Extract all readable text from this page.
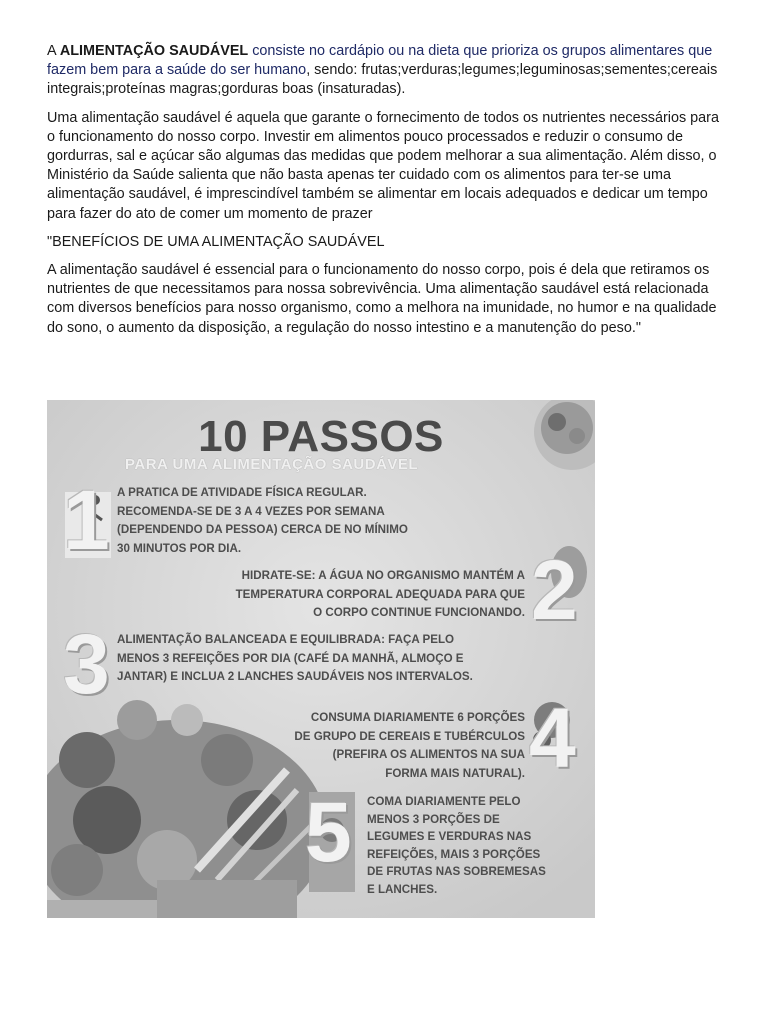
A ALIMENTAÇÃO SAUDÁVEL consiste no cardápio ou na dieta que prioriza os grupos alimentares que fazem bem para a saúde do ser humano, sendo: frutas;verduras;legumes;leguminosas;sementes;cereais integrais;proteínas magras;gorduras boas (insaturadas).

Uma alimentação saudável é aquela que garante o fornecimento de todos os nutrientes necessários para o funcionamento do nosso corpo. Investir em alimentos pouco processados e reduzir o consumo de gordurras, sal e açúcar são algumas das medidas que podem melhorar a sua alimentação. Além disso, o Ministério da Saúde salienta que não basta apenas ter cuidado com os alimentos para ter-se uma alimentação saudável, é imprescindível também se alimentar em locais adequados e dedicar um tempo para fazer do ato de comer um momento de prazer

"BENEFÍCIOS DE UMA ALIMENTAÇÃO SAUDÁVEL

A alimentação saudável é essencial para o funcionamento do nosso corpo, pois é dela que retiramos os nutrientes de que necessitamos para nossa sobrevivência. Uma alimentação saudável está relacionada com diversos benefícios para nosso organismo, como a melhora na imunidade, no humor e na qualidade do sono, o aumento da disposição, a regulação do nosso intestino e a manutenção do peso."

10 PASSOS
PARA UMA ALIMENTAÇÃO SAUDÁVEL
1 A PRATICA DE ATIVIDADE FÍSICA REGULAR.
RECOMENDA-SE DE 3 A 4 VEZES POR SEMANA
(DEPENDENDO DA PESSOA) CERCA DE NO MÍNIMO
30 MINUTOS POR DIA.	2
HIDRATE-SE: A ÁGUA NO ORGANISMO MANTÉM A
TEMPERATURA CORPORAL ADEQUADA PARA QUE
O CORPO CONTINUE FUNCIONANDO.
3 ALIMENTAÇÃO BALANCEADA E EQUILIBRADA: FAÇA PELO
MENOS 3 REFEIÇÕES POR DIA (CAFÉ DA MANHÃ, ALMOÇO E
JANTAR) E INCLUA 2 LANCHES SAUDÁVEIS NOS INTERVALOS.
4
CONSUMA DIARIAMENTE 6 PORÇÕES
DE GRUPO DE CEREAIS E TUBÉRCULOS
(PREFIRA OS ALIMENTOS NA SUA
FORMA MAIS NATURAL).
5 COMA DIARIAMENTE PELO
MENOS 3 PORÇÕES DE
LEGUMES E VERDURAS NAS
REFEIÇÕES, MAIS 3 PORÇÕES
DE FRUTAS NAS SOBREMESAS
E LANCHES.
